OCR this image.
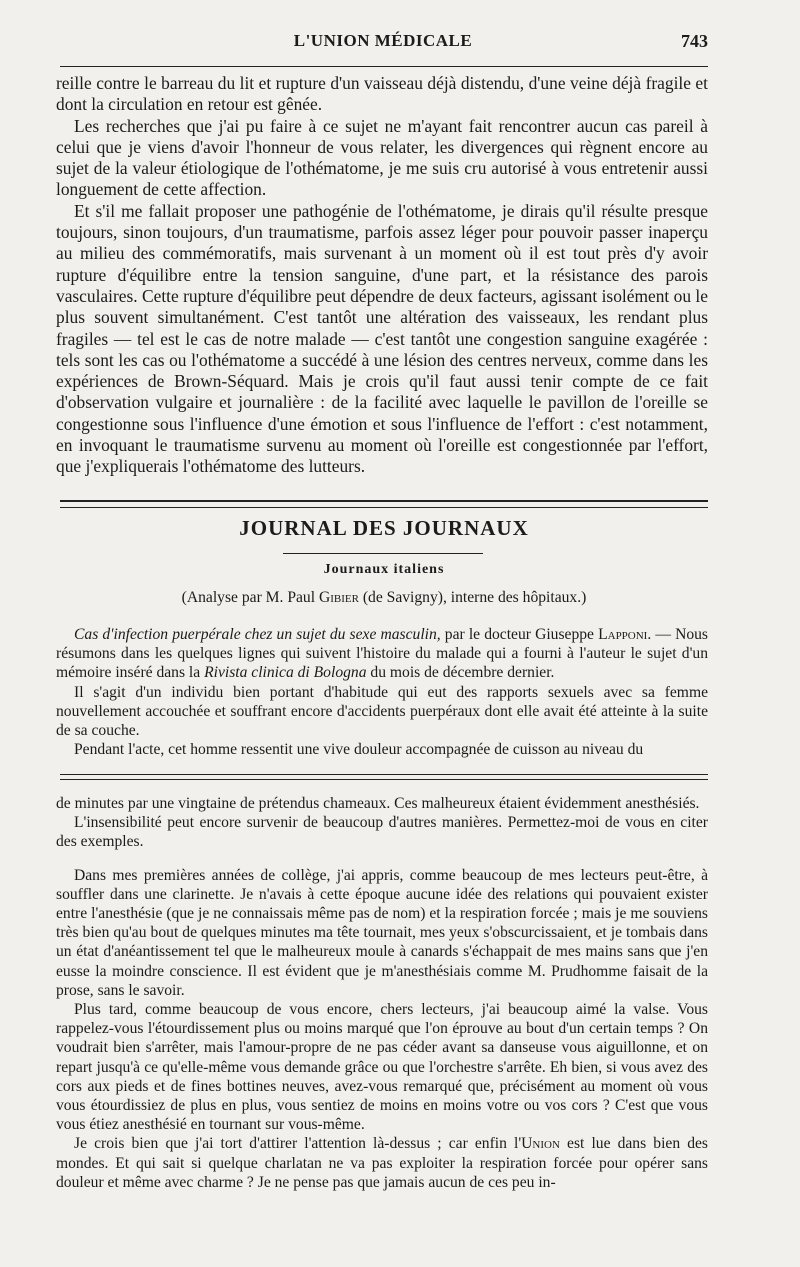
L'UNION MÉDICALE	743

reille contre le barreau du lit et rupture d'un vaisseau déjà distendu, d'une veine déjà fragile et dont la circulation en retour est gênée.

Les recherches que j'ai pu faire à ce sujet ne m'ayant fait rencontrer aucun cas pareil à celui que je viens d'avoir l'honneur de vous relater, les divergences qui règnent encore au sujet de la valeur étiologique de l'othématome, je me suis cru autorisé à vous entretenir aussi longuement de cette affection.

Et s'il me fallait proposer une pathogénie de l'othématome, je dirais qu'il résulte presque toujours, sinon toujours, d'un traumatisme, parfois assez léger pour pouvoir passer inaperçu au milieu des commémoratifs, mais survenant à un moment où il est tout près d'y avoir rupture d'équilibre entre la tension sanguine, d'une part, et la résistance des parois vasculaires. Cette rupture d'équilibre peut dépendre de deux facteurs, agissant isolément ou le plus souvent simultanément. C'est tantôt une altération des vaisseaux, les rendant plus fragiles — tel est le cas de notre malade — c'est tantôt une congestion sanguine exagérée : tels sont les cas ou l'othématome a succédé à une lésion des centres nerveux, comme dans les expériences de Brown-Séquard. Mais je crois qu'il faut aussi tenir compte de ce fait d'observation vulgaire et journalière : de la facilité avec laquelle le pavillon de l'oreille se congestionne sous l'influence d'une émotion et sous l'influence de l'effort : c'est notamment, en invoquant le traumatisme survenu au moment où l'oreille est congestionnée par l'effort, que j'expliquerais l'othématome des lutteurs.

JOURNAL DES JOURNAUX
Journaux italiens
(Analyse par M. Paul Gibier (de Savigny), interne des hôpitaux.)

Cas d'infection puerpérale chez un sujet du sexe masculin, par le docteur Giuseppe Lapponi. — Nous résumons dans les quelques lignes qui suivent l'histoire du malade qui a fourni à l'auteur le sujet d'un mémoire inséré dans la Rivista clinica di Bologna du mois de décembre dernier.

Il s'agit d'un individu bien portant d'habitude qui eut des rapports sexuels avec sa femme nouvellement accouchée et souffrant encore d'accidents puerpéraux dont elle avait été atteinte à la suite de sa couche.

Pendant l'acte, cet homme ressentit une vive douleur accompagnée de cuisson au niveau du

de minutes par une vingtaine de prétendus chameaux. Ces malheureux étaient évidemment anesthésiés.

L'insensibilité peut encore survenir de beaucoup d'autres manières. Permettez-moi de vous en citer des exemples.

Dans mes premières années de collège, j'ai appris, comme beaucoup de mes lecteurs peut-être, à souffler dans une clarinette. Je n'avais à cette époque aucune idée des relations qui pouvaient exister entre l'anesthésie (que je ne connaissais même pas de nom) et la respiration forcée ; mais je me souviens très bien qu'au bout de quelques minutes ma tête tournait, mes yeux s'obscurcissaient, et je tombais dans un état d'anéantissement tel que le malheureux moule à canards s'échappait de mes mains sans que j'en eusse la moindre conscience. Il est évident que je m'anesthésiais comme M. Prudhomme faisait de la prose, sans le savoir.

Plus tard, comme beaucoup de vous encore, chers lecteurs, j'ai beaucoup aimé la valse. Vous rappelez-vous l'étourdissement plus ou moins marqué que l'on éprouve au bout d'un certain temps ? On voudrait bien s'arrêter, mais l'amour-propre de ne pas céder avant sa danseuse vous aiguillonne, et on repart jusqu'à ce qu'elle-même vous demande grâce ou que l'orchestre s'arrête. Eh bien, si vous avez des cors aux pieds et de fines bottines neuves, avez-vous remarqué que, précisément au moment où vous vous étourdissiez de plus en plus, vous sentiez de moins en moins votre ou vos cors ? C'est que vous vous étiez anesthésié en tournant sur vous-même.

Je crois bien que j'ai tort d'attirer l'attention là-dessus ; car enfin l'Union est lue dans bien des mondes. Et qui sait si quelque charlatan ne va pas exploiter la respiration forcée pour opérer sans douleur et même avec charme ? Je ne pense pas que jamais aucun de ces peu in-
